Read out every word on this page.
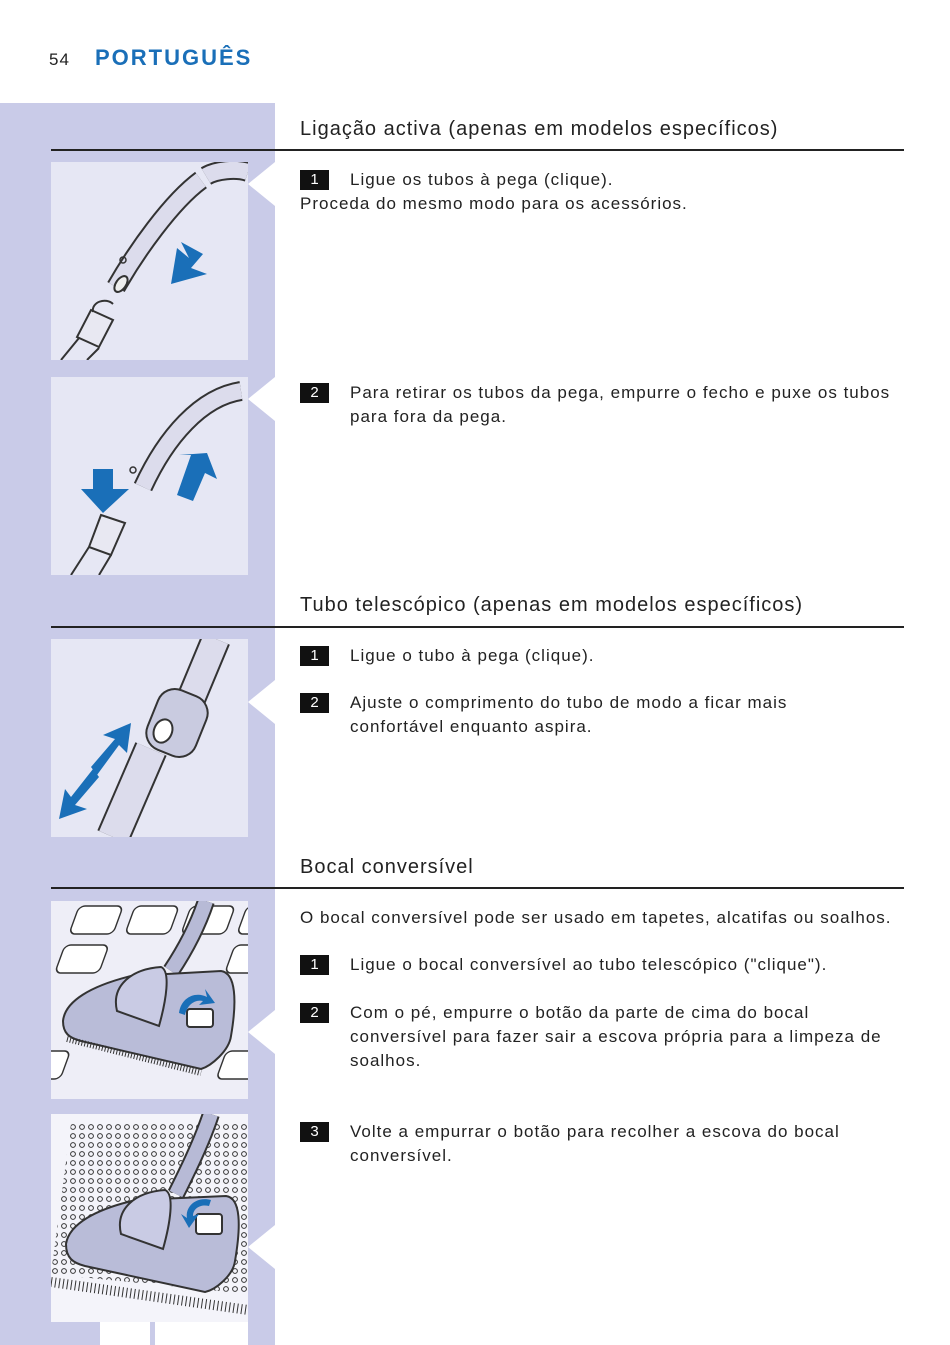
54 PORTUGUÊS
Ligação activa (apenas em modelos específicos)
1	Ligue os tubos à pega (clique).
Proceda do mesmo modo para os acessórios.
2	Para retirar os tubos da pega, empurre o fecho e puxe os tubos
para fora da pega.
Tubo telescópico (apenas em modelos específicos)
1	Ligue o tubo à pega (clique).
2	Ajuste o comprimento do tubo de modo a ficar mais
confortável enquanto aspira.
Bocal conversível
O bocal conversível pode ser usado em tapetes, alcatifas ou soalhos.
1	Ligue o bocal conversível ao tubo telescópico ("clique").
2	Com o pé, empurre o botão da parte de cima do bocal
conversível para fazer sair a escova própria para a limpeza de
soalhos.
3	Volte a empurrar o botão para recolher a escova do bocal
conversível.
